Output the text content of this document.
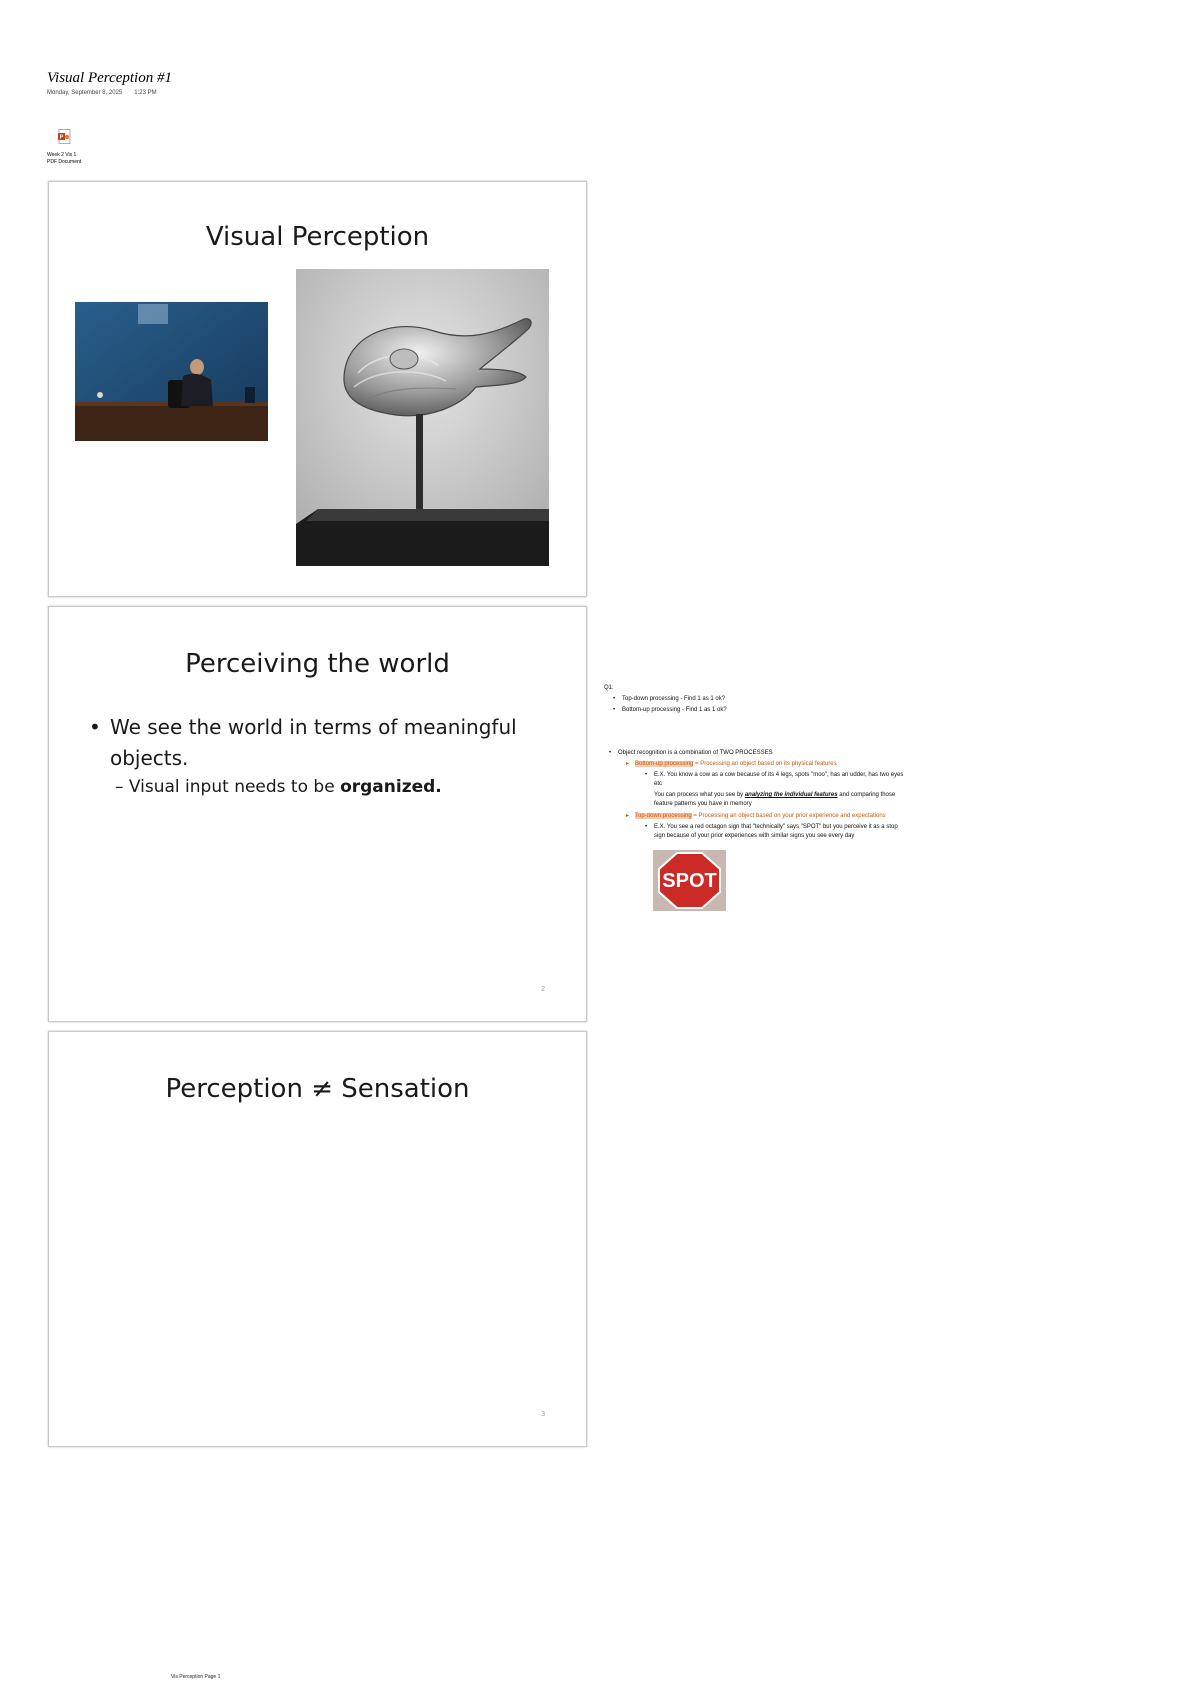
Visual Perception #1
Monday, September 8, 2025 1:23 PM
P
Week 2 Vis 1
PDF Document
Visual Perception
Perceiving the world
• We see the world in terms of meaningful objects.
– Visual input needs to be organized.
2
Perception ≠ Sensation
3
Q1:
• Top-down processing - Find 1 as 1 ok?
• Bottom-up processing - Find 1 as 1 ok?
• Object recognition is a combination of TWO PROCESSES
▸ Bottom-up processing = Processing an object based on its physical features
• E.X. You know a cow as a cow because of its 4 legs, spots "moo", has an udder, has two eyes
etc
You can process what you see by analyzing the individual features and comparing those
feature patterns you have in memory
▸ Top-down processing = Processing an object based on your prior experience and expectations
• E.X. You see a red octagon sign that "technically" says "SPOT" but you perceive it as a stop
sign because of your prior experiences with similar signs you see every day
SPOT
Vis Perception Page 1
